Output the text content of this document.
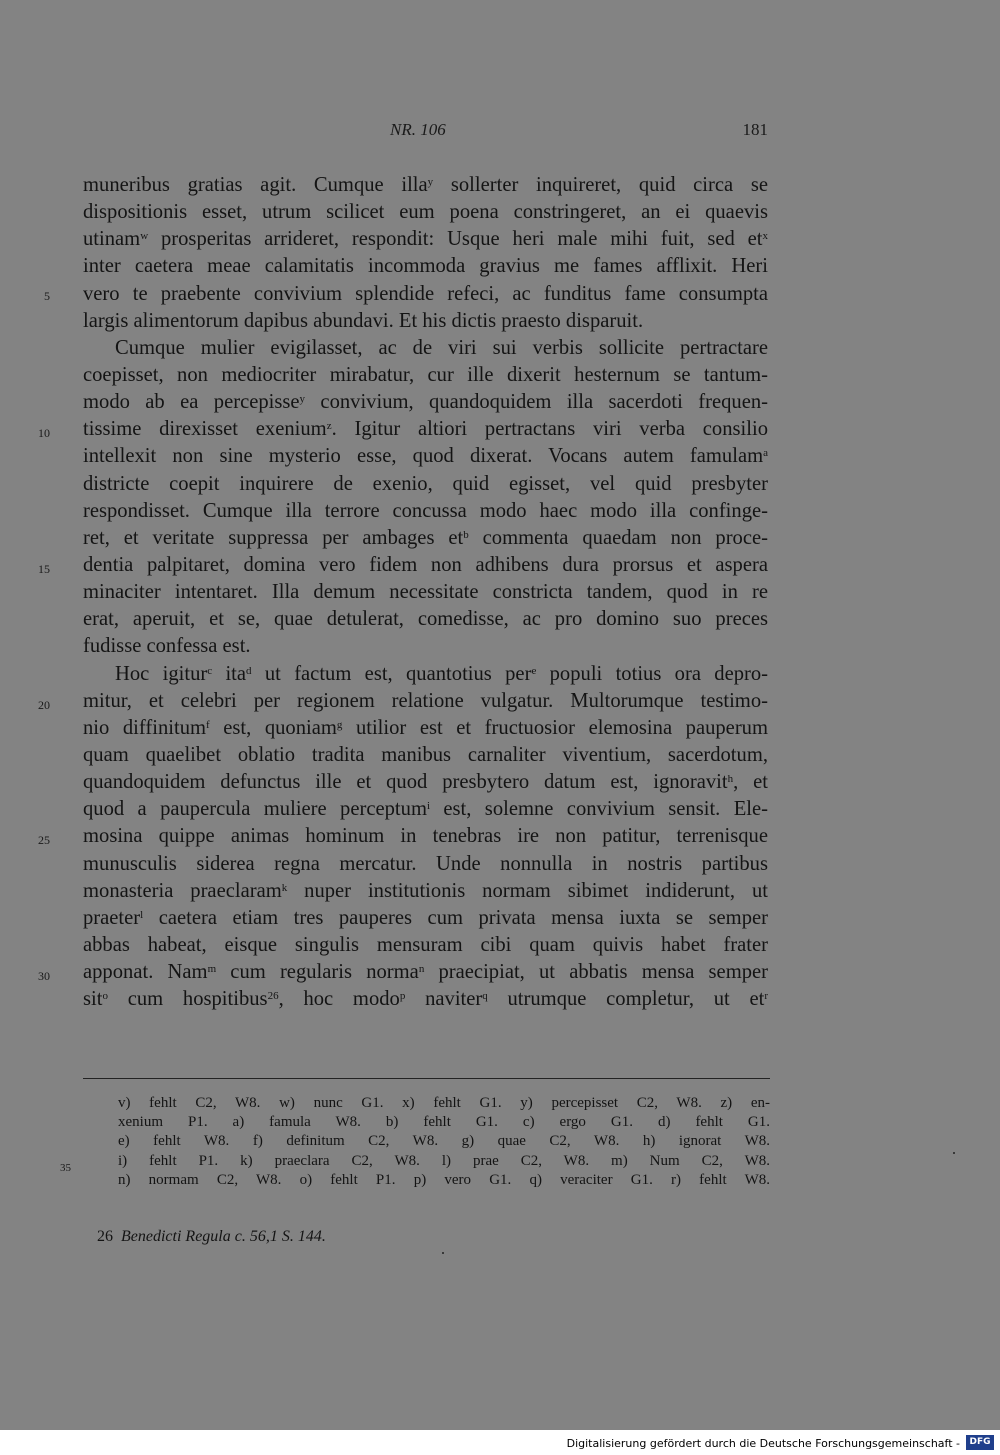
NR. 106	181
muneribus gratias agit. Cumque illa$^y$ sollerter inquireret, quid circa se
dispositionis esset, utrum scilicet eum poena constringeret, an ei quaevis
utinam$^w$ prosperitas arrideret, respondit: Usque heri male mihi fuit, sed $et^x$
inter caetera meae calamitatis incommoda gravius me fames afflixit. Heri
vero te praebente convivium splendide refeci, ac funditus fame consumpta
largis alimentorum dapibus abundavi. Et his dictis praesto disparuit.
Cumque mulier evigilasset, ac de viri sui verbis sollicite pertractare
coepisset, non mediocriter mirabatur, cur ille dixerit hesternum se tantum-
modo ab ea percepisse$^y$ convivium, quandoquidem illa sacerdoti frequen-
tissime direxisset exenium$^z$. Igitur altiori pertractans viri verba consilio
intellexit non sine mysterio esse, quod dixerat. Vocans autem famulam$^a$
districte coepit inquirere de exenio, quid egisset, vel quid presbyter
respondisset. Cumque illa terrore concussa modo haec modo illa confinge-
ret, et veritate suppressa per ambages $et^b$ commenta quaedam non proce-
dentia palpitaret, domina vero fidem non adhibens dura prorsus et aspera
minaciter intentaret. Illa demum necessitate constricta tandem, quod in re
erat, aperuit, et se, quae detulerat, comedisse, ac pro domino suo preces
fudisse confessa est.
Hoc igitur$^c$ ita$^d$ ut factum est, quantotius per$^e$ populi totius ora depro-
mitur, et celebri per regionem relatione vulgatur. Multorumque testimo-
nio diffinitum$^f$ est, quoniam$^g$ utilior est et fructuosior elemosina pauperum
quam quaelibet oblatio tradita manibus carnaliter viventium, sacerdotum,
quandoquidem defunctus ille et quod presbytero datum est, ignoravit$^h$, et
quod a paupercula muliere perceptum$^i$ est, solemne convivium sensit. Ele-
mosina quippe animas hominum in tenebras ire non patitur, terrenisque
munusculis siderea regna mercatur. Unde nonnulla in nostris partibus
monasteria praeclaram$^k$ nuper institutionis normam sibimet indiderunt, ut
praeter$^l$ caetera etiam tres pauperes cum privata mensa iuxta se semper
abbas habeat, eisque singulis mensuram cibi quam quivis habet frater
apponat. Nam$^m$ cum regularis norma$^n$ praecipiat, ut abbatis mensa semper
sit$^o$ cum hospitibus$^{26}$, hoc modo$^p$ naviter$^q$ utrumque completur, ut $et^r$
5
10
15
20
25
30
v) fehlt C2, W8. w) nunc G1. x) fehlt G1. y) percepisset C2, W8. z) en-
xenium P1. a) famula W8. b) fehlt G1. c) ergo G1. d) fehlt G1.
e) fehlt W8. f) definitum C2, W8. g) quae C2, W8. h) ignorat W8.
i) fehlt P1. k) praeclara C2, W8. l) prae C2, W8. m) Num C2, W8.
n) normam C2, W8. o) fehlt P1. p) vero G1. q) veraciter G1. r) fehlt W8.
35
26 Benedicti Regula c. 56,1 S. 144.
Digitalisierung gefördert durch die Deutsche Forschungsgemeinschaft -	DFG
